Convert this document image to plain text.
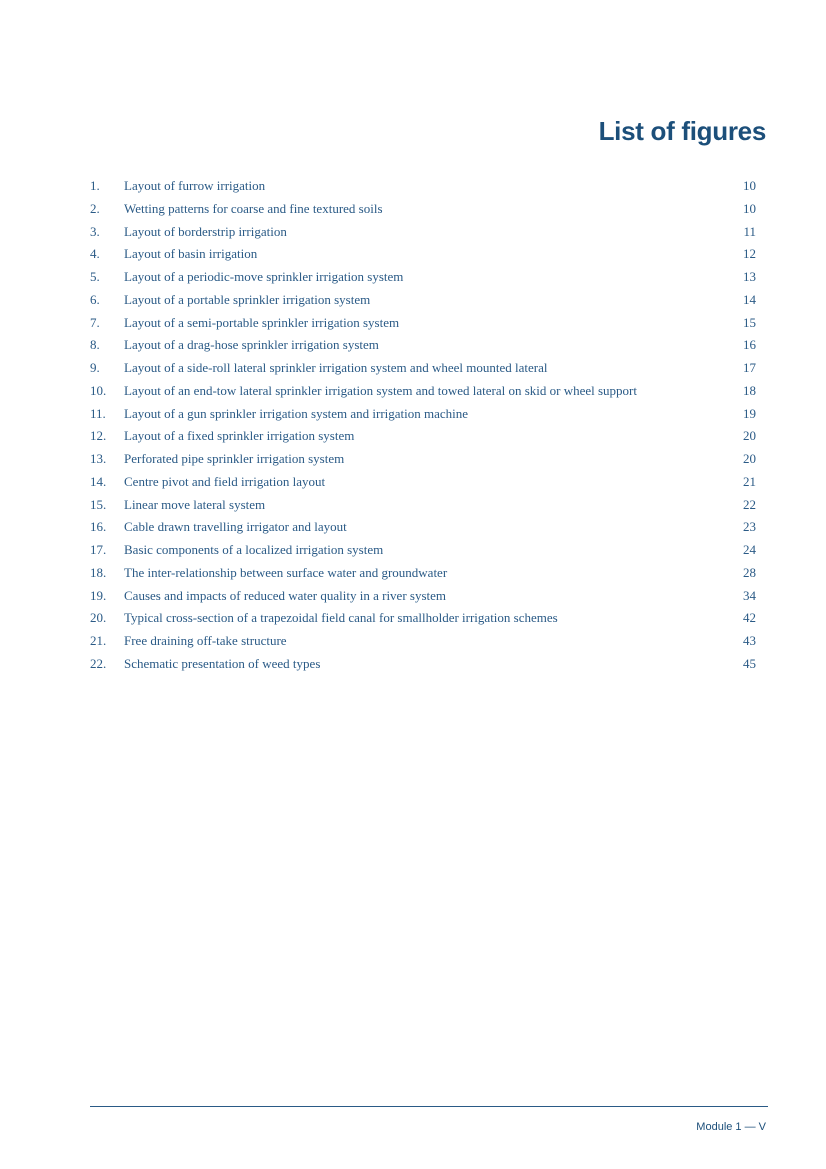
List of figures
1.	Layout of furrow irrigation	10
2.	Wetting patterns for coarse and fine textured soils	10
3.	Layout of borderstrip irrigation	11
4.	Layout of basin irrigation	12
5.	Layout of a periodic-move sprinkler irrigation system	13
6.	Layout of a portable sprinkler irrigation system	14
7.	Layout of a semi-portable sprinkler irrigation system	15
8.	Layout of a drag-hose sprinkler irrigation system	16
9.	Layout of a side-roll lateral sprinkler irrigation system and wheel mounted lateral	17
10.	Layout of an end-tow lateral sprinkler irrigation system and towed lateral on skid or wheel support	18
11.	Layout of a gun sprinkler irrigation system and irrigation machine	19
12.	Layout of a fixed sprinkler irrigation system	20
13.	Perforated pipe sprinkler irrigation system	20
14.	Centre pivot and field irrigation layout	21
15.	Linear move lateral system	22
16.	Cable drawn travelling irrigator and layout	23
17.	Basic components of a localized irrigation system	24
18.	The inter-relationship between surface water and groundwater	28
19.	Causes and impacts of reduced water quality in a river system	34
20.	Typical cross-section of a trapezoidal field canal for smallholder irrigation schemes	42
21.	Free draining off-take structure	43
22.	Schematic presentation of weed types	45
Module 1 — V
